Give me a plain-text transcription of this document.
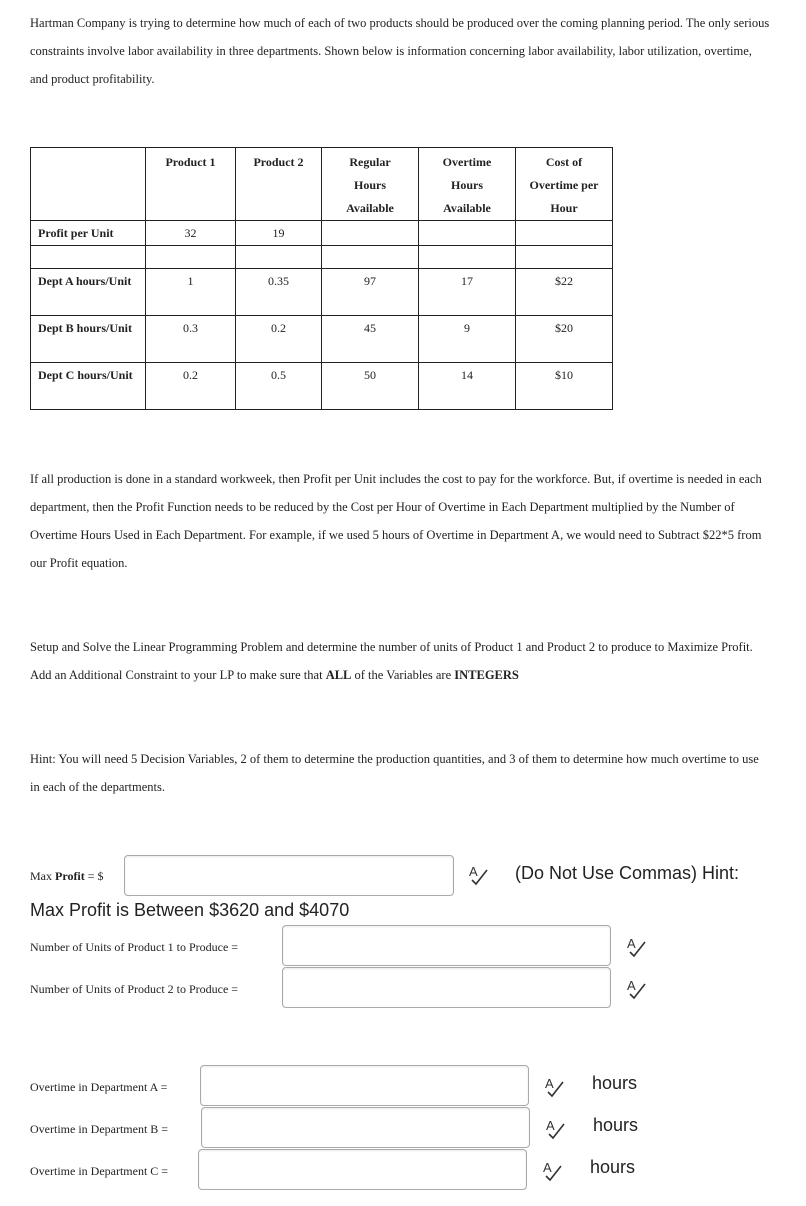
Hartman Company is trying to determine how much of each of two products should be produced over the coming planning period. The only serious constraints involve labor availability in three departments. Shown below is information concerning labor availability, labor utilization, overtime, and product profitability.

	Product 1	Product 2	Regular Hours Available	Overtime Hours Available	Cost of Overtime per Hour

Profit per Unit	32	19			

Dept A hours/Unit	1	0.35	97	17	$22
Dept B hours/Unit	0.3	0.2	45	9	$20
Dept C hours/Unit	0.2	0.5	50	14	$10

If all production is done in a standard workweek, then Profit per Unit includes the cost to pay for the workforce. But, if overtime is needed in each department, then the Profit Function needs to be reduced by the Cost per Hour of Overtime in Each Department multiplied by the Number of Overtime Hours Used in Each Department. For example, if we used 5 hours of Overtime in Department A, we would need to Subtract $22*5 from our Profit equation.

Setup and Solve the Linear Programming Problem and determine the number of units of Product 1 and Product 2 to produce to Maximize Profit. Add an Additional Constraint to your LP to make sure that ALL of the Variables are INTEGERS

Hint: You will need 5 Decision Variables, 2 of them to determine the production quantities, and 3 of them to determine how much overtime to use in each of the departments.

Max Profit = $	A (Do Not Use Commas) Hint:
Max Profit is Between $3620 and $4070
Number of Units of Product 1 to Produce =	A
Number of Units of Product 2 to Produce =	A
Overtime in Department A =	A hours
Overtime in Department B =	A hours
Overtime in Department C =	A hours
